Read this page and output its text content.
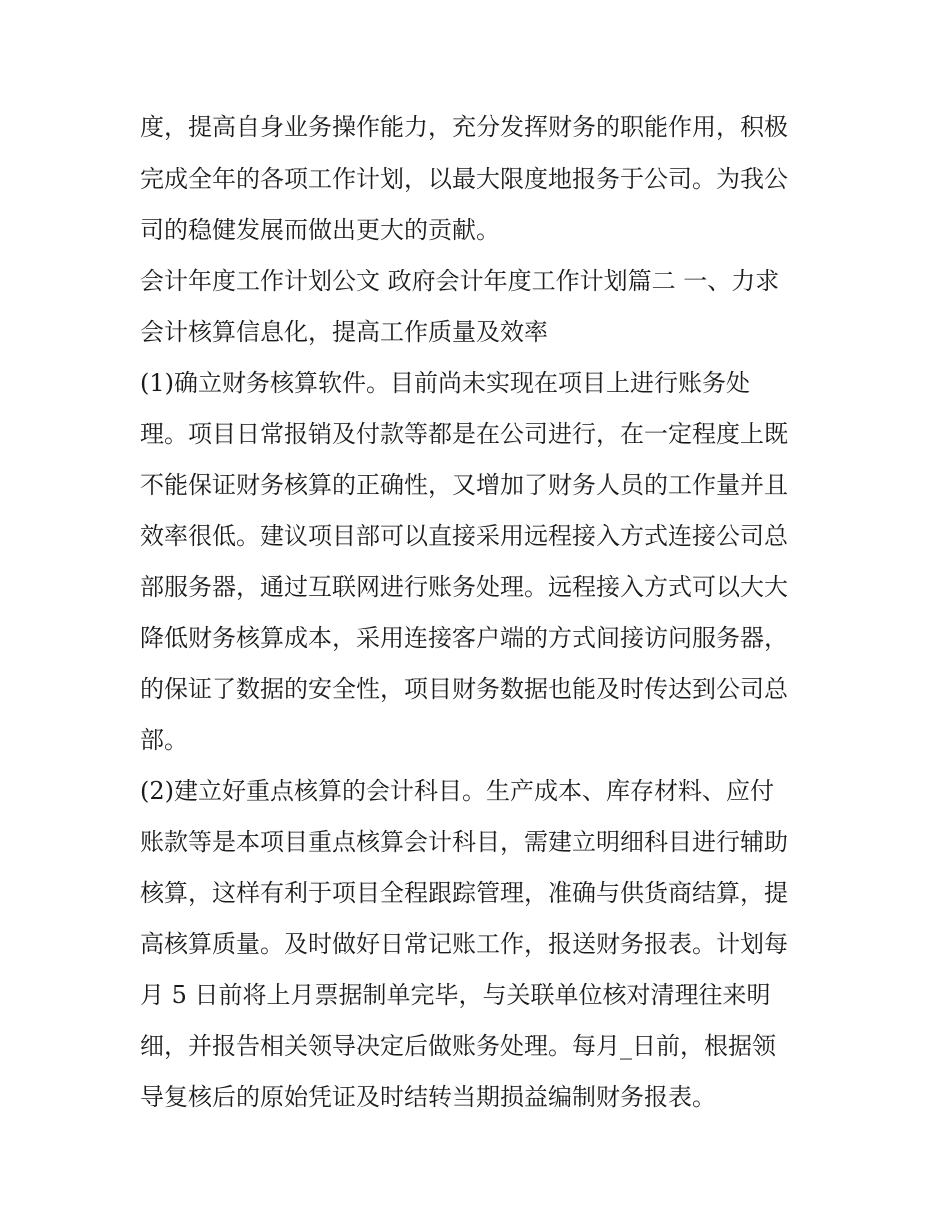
度，提高自身业务操作能力，充分发挥财务的职能作用，积极
完成全年的各项工作计划，以最大限度地报务于公司。为我公
司的稳健发展而做出更大的贡献。
会计年度工作计划公文 政府会计年度工作计划篇二 一、力求
会计核算信息化，提高工作质量及效率
(1)确立财务核算软件。目前尚未实现在项目上进行账务处
理。项目日常报销及付款等都是在公司进行，在一定程度上既
不能保证财务核算的正确性，又增加了财务人员的工作量并且
效率很低。建议项目部可以直接采用远程接入方式连接公司总
部服务器，通过互联网进行账务处理。远程接入方式可以大大
降低财务核算成本，采用连接客户端的方式间接访问服务器，
的保证了数据的安全性，项目财务数据也能及时传达到公司总
部。
(2)建立好重点核算的会计科目。生产成本、库存材料、应付
账款等是本项目重点核算会计科目，需建立明细科目进行辅助
核算，这样有利于项目全程跟踪管理，准确与供货商结算，提
高核算质量。及时做好日常记账工作，报送财务报表。计划每
月 5 日前将上月票据制单完毕，与关联单位核对清理往来明
细，并报告相关领导决定后做账务处理。每月_日前，根据领
导复核后的原始凭证及时结转当期损益编制财务报表。
